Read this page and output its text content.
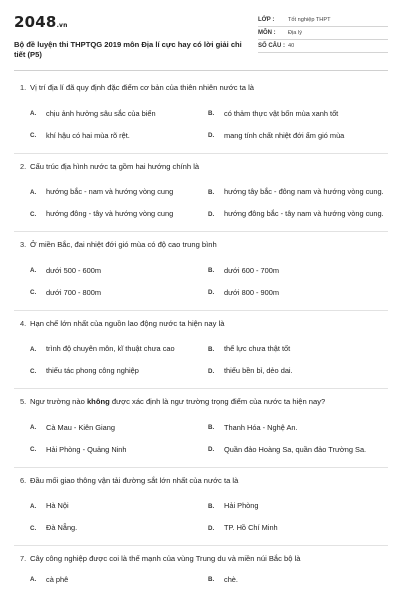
2048.vn
Bộ đề luyện thi THPTQG 2019 môn Địa lí cực hay có lời giải chi tiết (P5)
LỚP :	Tốt nghiệp THPT
MÔN :	Địa lý
SỐ CÂU : 40
1. Vị trí địa lí đã quy định đặc điểm cơ bản của thiên nhiên nước ta là
A.	chịu ảnh hưởng sâu sắc của biển	B.	có thảm thực vật bốn mùa xanh tốt
C.	khí hậu có hai mùa rõ rệt.	D.	mang tính chất nhiệt đới ẩm gió mùa
2. Cấu trúc địa hình nước ta gồm hai hướng chính là
A.	hướng bắc - nam và hướng vòng cung	B.	hướng tây bắc - đông nam và hướng vòng cung.
C.	hướng đông - tây và hướng vòng cung	D.	hướng đông bắc - tây nam và hướng vòng cung.
3. Ở miền Bắc, đai nhiệt đới gió mùa có độ cao trung bình
A.	dưới 500 - 600m	B.	dưới 600 - 700m
C.	dưới 700 - 800m	D.	dưới 800 - 900m
4. Hạn chế lớn nhất của nguồn lao động nước ta hiện nay là
A.	trình độ chuyên môn, kĩ thuật chưa cao	B.	thể lực chưa thật tốt
C.	thiếu tác phong công nghiệp	D.	thiếu bền bỉ, dẻo dai.
5. Ngư trường nào không được xác định là ngư trường trọng điểm của nước ta hiện nay?
A.	Cà Mau - Kiên Giang	B.	Thanh Hóa - Nghệ An.
C.	Hải Phòng - Quảng Ninh	D.	Quần đảo Hoàng Sa, quần đảo Trường Sa.
6. Đầu mối giao thông vận tải đường sắt lớn nhất của nước ta là
A.	Hà Nội	B.	Hải Phòng
C.	Đà Nẵng.	D.	TP. Hồ Chí Minh
7. Cây công nghiệp được coi là thế mạnh của vùng Trung du và miền núi Bắc bộ là
A.	cà phê	B.	chè.
